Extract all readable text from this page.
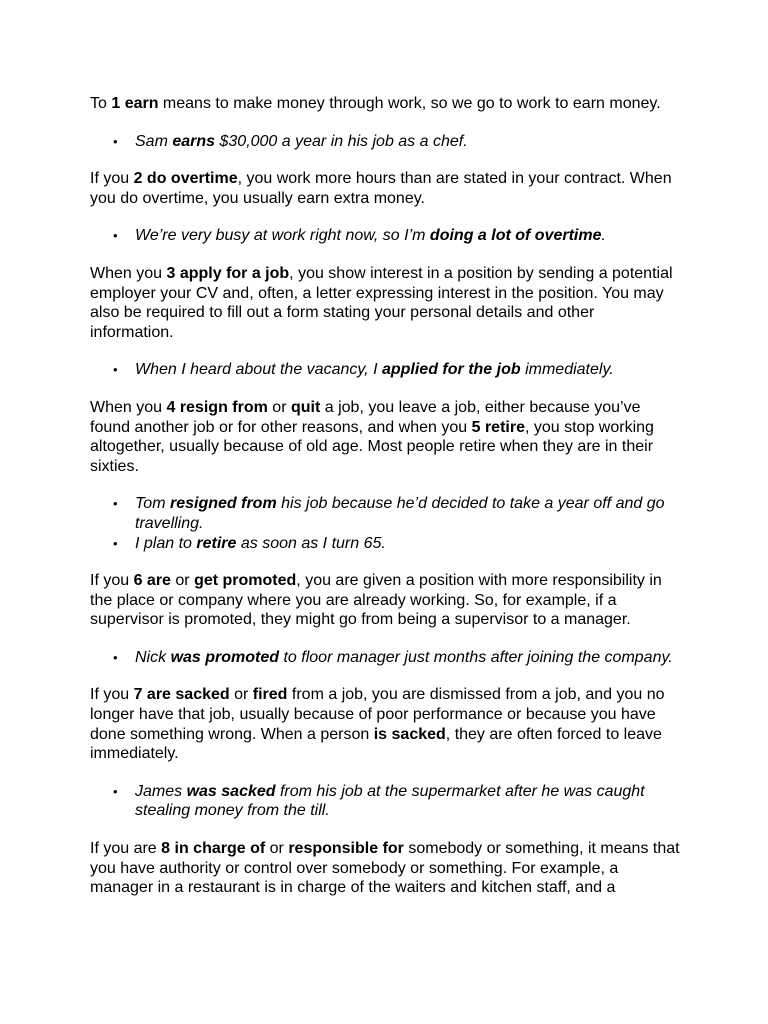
To 1 earn means to make money through work, so we go to work to earn money.

• Sam earns $30,000 a year in his job as a chef.

If you 2 do overtime, you work more hours than are stated in your contract. When you do overtime, you usually earn extra money.

• We’re very busy at work right now, so I’m doing a lot of overtime.

When you 3 apply for a job, you show interest in a position by sending a potential employer your CV and, often, a letter expressing interest in the position. You may also be required to fill out a form stating your personal details and other information.

• When I heard about the vacancy, I applied for the job immediately.

When you 4 resign from or quit a job, you leave a job, either because you’ve found another job or for other reasons, and when you 5 retire, you stop working altogether, usually because of old age. Most people retire when they are in their sixties.

• Tom resigned from his job because he’d decided to take a year off and go travelling.
• I plan to retire as soon as I turn 65.

If you 6 are or get promoted, you are given a position with more responsibility in the place or company where you are already working. So, for example, if a supervisor is promoted, they might go from being a supervisor to a manager.

• Nick was promoted to floor manager just months after joining the company.

If you 7 are sacked or fired from a job, you are dismissed from a job, and you no longer have that job, usually because of poor performance or because you have done something wrong. When a person is sacked, they are often forced to leave immediately.

• James was sacked from his job at the supermarket after he was caught stealing money from the till.

If you are 8 in charge of or responsible for somebody or something, it means that you have authority or control over somebody or something. For example, a manager in a restaurant is in charge of the waiters and kitchen staff, and a
